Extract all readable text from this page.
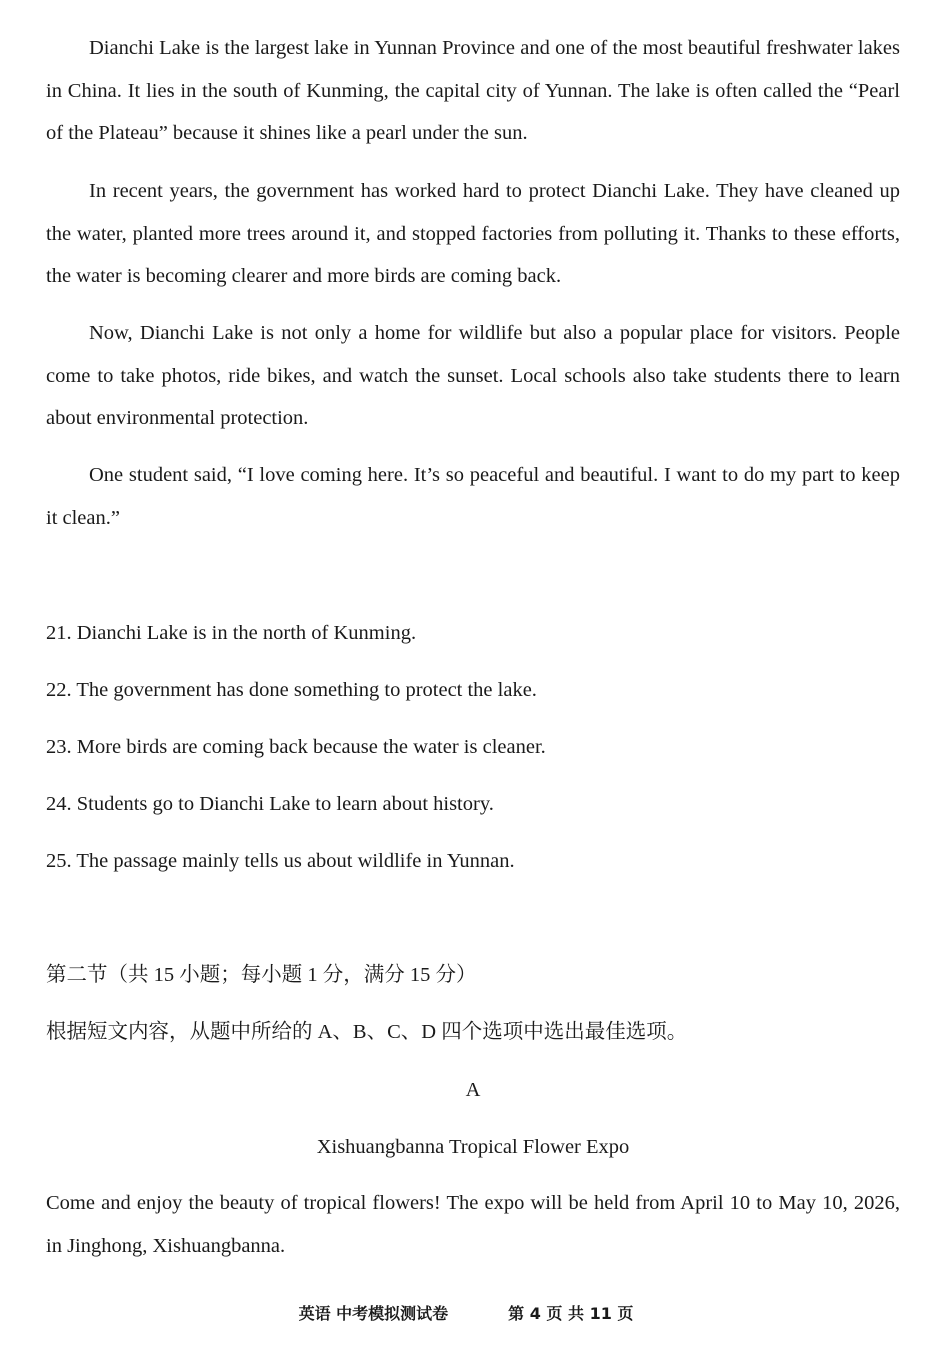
Dianchi Lake is the largest lake in Yunnan Province and one of the most beautiful freshwater lakes in China. It lies in the south of Kunming, the capital city of Yunnan. The lake is often called the “Pearl of the Plateau” because it shines like a pearl under the sun.

In recent years, the government has worked hard to protect Dianchi Lake. They have cleaned up the water, planted more trees around it, and stopped factories from polluting it. Thanks to these efforts, the water is becoming clearer and more birds are coming back.

Now, Dianchi Lake is not only a home for wildlife but also a popular place for visitors. People come to take photos, ride bikes, and watch the sunset. Local schools also take students there to learn about environmental protection.

One student said, “I love coming here. It’s so peaceful and beautiful. I want to do my part to keep it clean.”

21. Dianchi Lake is in the north of Kunming.

22. The government has done something to protect the lake.

23. More birds are coming back because the water is cleaner.

24. Students go to Dianchi Lake to learn about history.

25. The passage mainly tells us about wildlife in Yunnan.

第二节（共 15 小题；每小题 1 分，满分 15 分）

根据短文内容，从题中所给的 A、B、C、D 四个选项中选出最佳选项。

A

Xishuangbanna Tropical Flower Expo

Come and enjoy the beauty of tropical flowers! The expo will be held from April 10 to May 10, 2026, in Jinghong, Xishuangbanna.

英语 中考模拟测试卷	第 4 页 共 11 页
